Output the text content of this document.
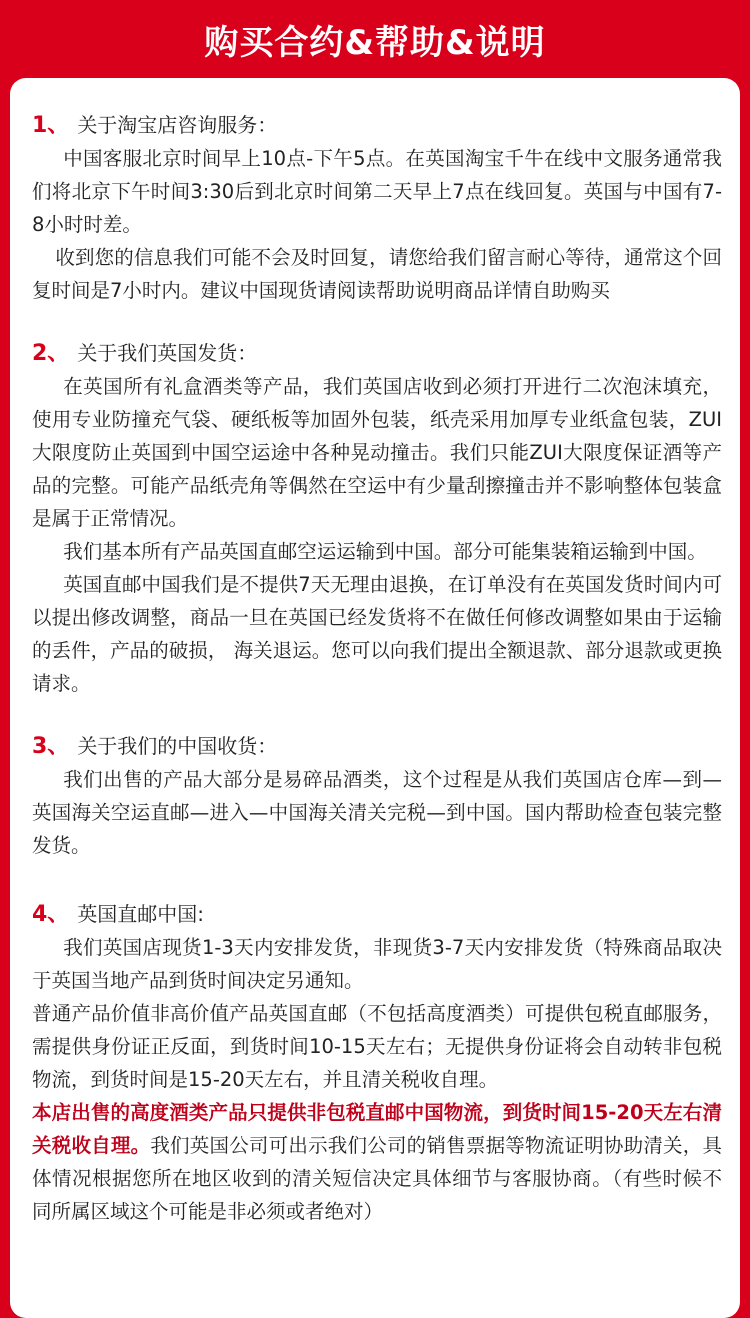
购买合约&帮助&说明
1、 关于淘宝店咨询服务：

中国客服北京时间早上10点-下午5点。在英国淘宝千牛在线中文服务通常我们将北京下午时间3:30后到北京时间第二天早上7点在线回复。英国与中国有7-8小时时差。

收到您的信息我们可能不会及时回复，请您给我们留言耐心等待，通常这个回复时间是7小时内。建议中国现货请阅读帮助说明商品详情自助购买

2、 关于我们英国发货：

在英国所有礼盒酒类等产品，我们英国店收到必须打开进行二次泡沫填充，使用专业防撞充气袋、硬纸板等加固外包装，纸壳采用加厚专业纸盒包装，ZUI大限度防止英国到中国空运途中各种晃动撞击。我们只能ZUI大限度保证酒等产品的完整。可能产品纸壳角等偶然在空运中有少量刮擦撞击并不影响整体包装盒是属于正常情况。

我们基本所有产品英国直邮空运运输到中国。部分可能集装箱运输到中国。

英国直邮中国我们是不提供7天无理由退换，在订单没有在英国发货时间内可以提出修改调整，商品一旦在英国已经发货将不在做任何修改调整如果由于运输的丢件，产品的破损， 海关退运。您可以向我们提出全额退款、部分退款或更换请求。

3、 关于我们的中国收货：

我们出售的产品大部分是易碎品酒类，这个过程是从我们英国店仓库—到—英国海关空运直邮—进入—中国海关清关完税—到中国。国内帮助检查包装完整发货。

4、 英国直邮中国:

我们英国店现货1-3天内安排发货，非现货3-7天内安排发货（特殊商品取决于英国当地产品到货时间决定另通知。

普通产品价值非高价值产品英国直邮（不包括高度酒类）可提供包税直邮服务，需提供身份证正反面，到货时间10-15天左右；无提供身份证将会自动转非包税物流，到货时间是15-20天左右，并且清关税收自理。

本店出售的高度酒类产品只提供非包税直邮中国物流，到货时间15-20天左右清关税收自理。我们英国公司可出示我们公司的销售票据等物流证明协助清关，具体情况根据您所在地区收到的清关短信决定具体细节与客服协商。（有些时候不同所属区域这个可能是非必须或者绝对）
